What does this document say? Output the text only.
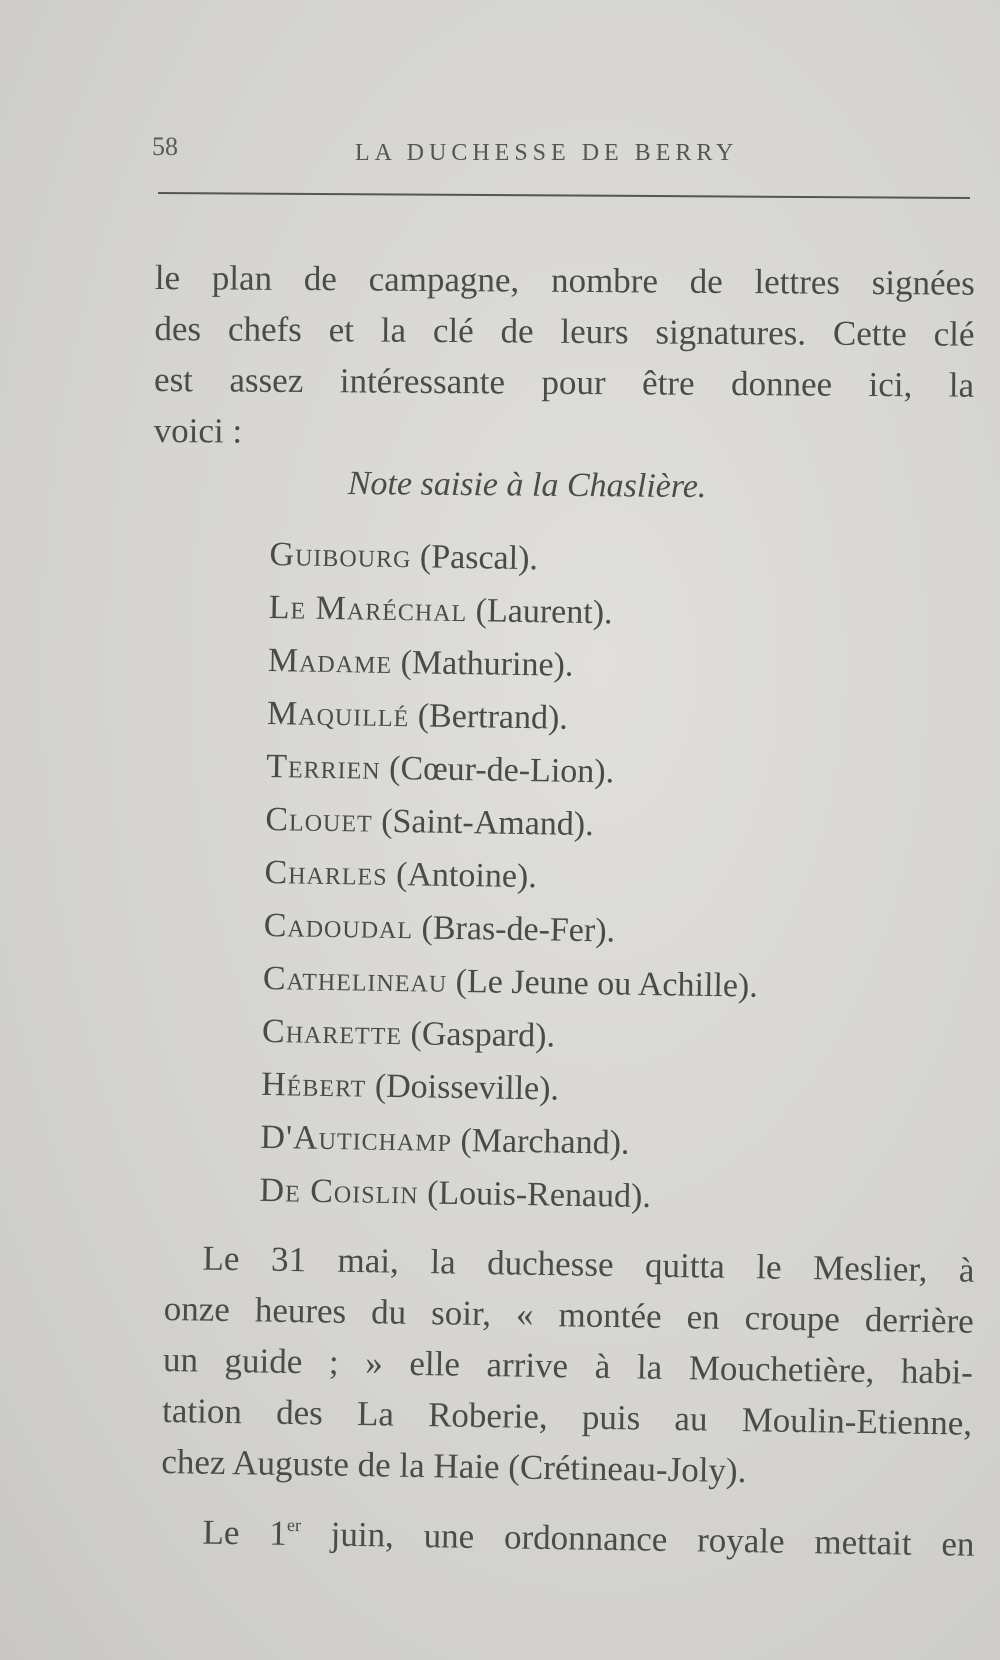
58	LA DUCHESSE DE BERRY
le plan de campagne, nombre de lettres signées
des chefs et la clé de leurs signatures. Cette clé
est assez intéressante pour être donnee ici, la
voici :
Note saisie à la Chaslière.
Guibourg (Pascal).
Le Maréchal (Laurent).
Madame (Mathurine).
Maquillé (Bertrand).
Terrien (Cœur-de-Lion).
Clouet (Saint-Amand).
Charles (Antoine).
Cadoudal (Bras-de-Fer).
Cathelineau (Le Jeune ou Achille).
Charette (Gaspard).
Hébert (Doisseville).
D'Autichamp (Marchand).
De Coislin (Louis-Renaud).
Le 31 mai, la duchesse quitta le Meslier, à
onze heures du soir, « montée en croupe derrière
un guide ; » elle arrive à la Mouchetière, habi-
tation des La Roberie, puis au Moulin-Etienne,
chez Auguste de la Haie (Crétineau-Joly).
Le 1er juin, une ordonnance royale mettait en
